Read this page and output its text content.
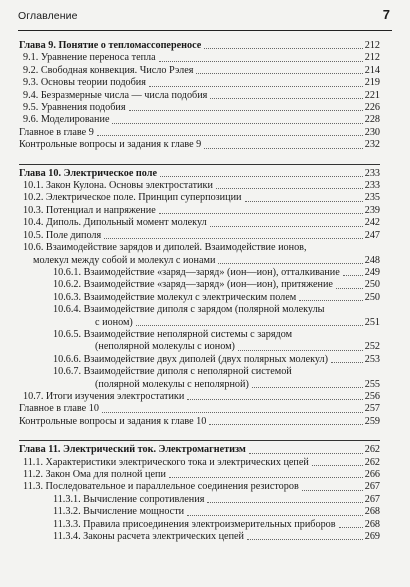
Оглавление	7
Глава 9. Понятие о тепломассопереносе	212
9.1. Уравнение переноса тепла	212
9.2. Свободная конвекция. Число Рэлея	214
9.3. Основы теории подобия	219
9.4. Безразмерные числа — числа подобия	221
9.5. Уравнения подобия	226
9.6. Моделирование	228
Главное в главе 9	230
Контрольные вопросы и задания к главе 9	232
Глава 10. Электрическое поле	233
10.1. Закон Кулона. Основы электростатики	233
10.2. Электрическое поле. Принцип суперпозиции	235
10.3. Потенциал и напряжение	239
10.4. Диполь. Дипольный момент молекул	242
10.5. Поле диполя	247
10.6. Взаимодействие зарядов и диполей. Взаимодействие ионов,
молекул между собой и молекул с ионами	248
10.6.1. Взаимодействие «заряд—заряд» (ион—ион), отталкивание 249
10.6.2. Взаимодействие «заряд—заряд» (ион—ион), притяжение	250
10.6.3. Взаимодействие молекул с электрическим полем	250
10.6.4. Взаимодействие диполя с зарядом (полярной молекулы
с ионом)	251
10.6.5. Взаимодействие неполярной системы с зарядом
(неполярной молекулы с ионом)	252
10.6.6. Взаимодействие двух диполей (двух полярных молекул)	253
10.6.7. Взаимодействие диполя с неполярной системой
(полярной молекулы с неполярной)	255
10.7. Итоги изучения электростатики	256
Главное в главе 10	257
Контрольные вопросы и задания к главе 10	259
Глава 11. Электрический ток. Электромагнетизм	262
11.1. Характеристики электрического тока и электрических цепей	262
11.2. Закон Ома для полной цепи	266
11.3. Последовательное и параллельное соединения резисторов	267
11.3.1. Вычисление сопротивления	267
11.3.2. Вычисление мощности	268
11.3.3. Правила присоединения электроизмерительных приборов	268
11.3.4. Законы расчета электрических цепей	269
